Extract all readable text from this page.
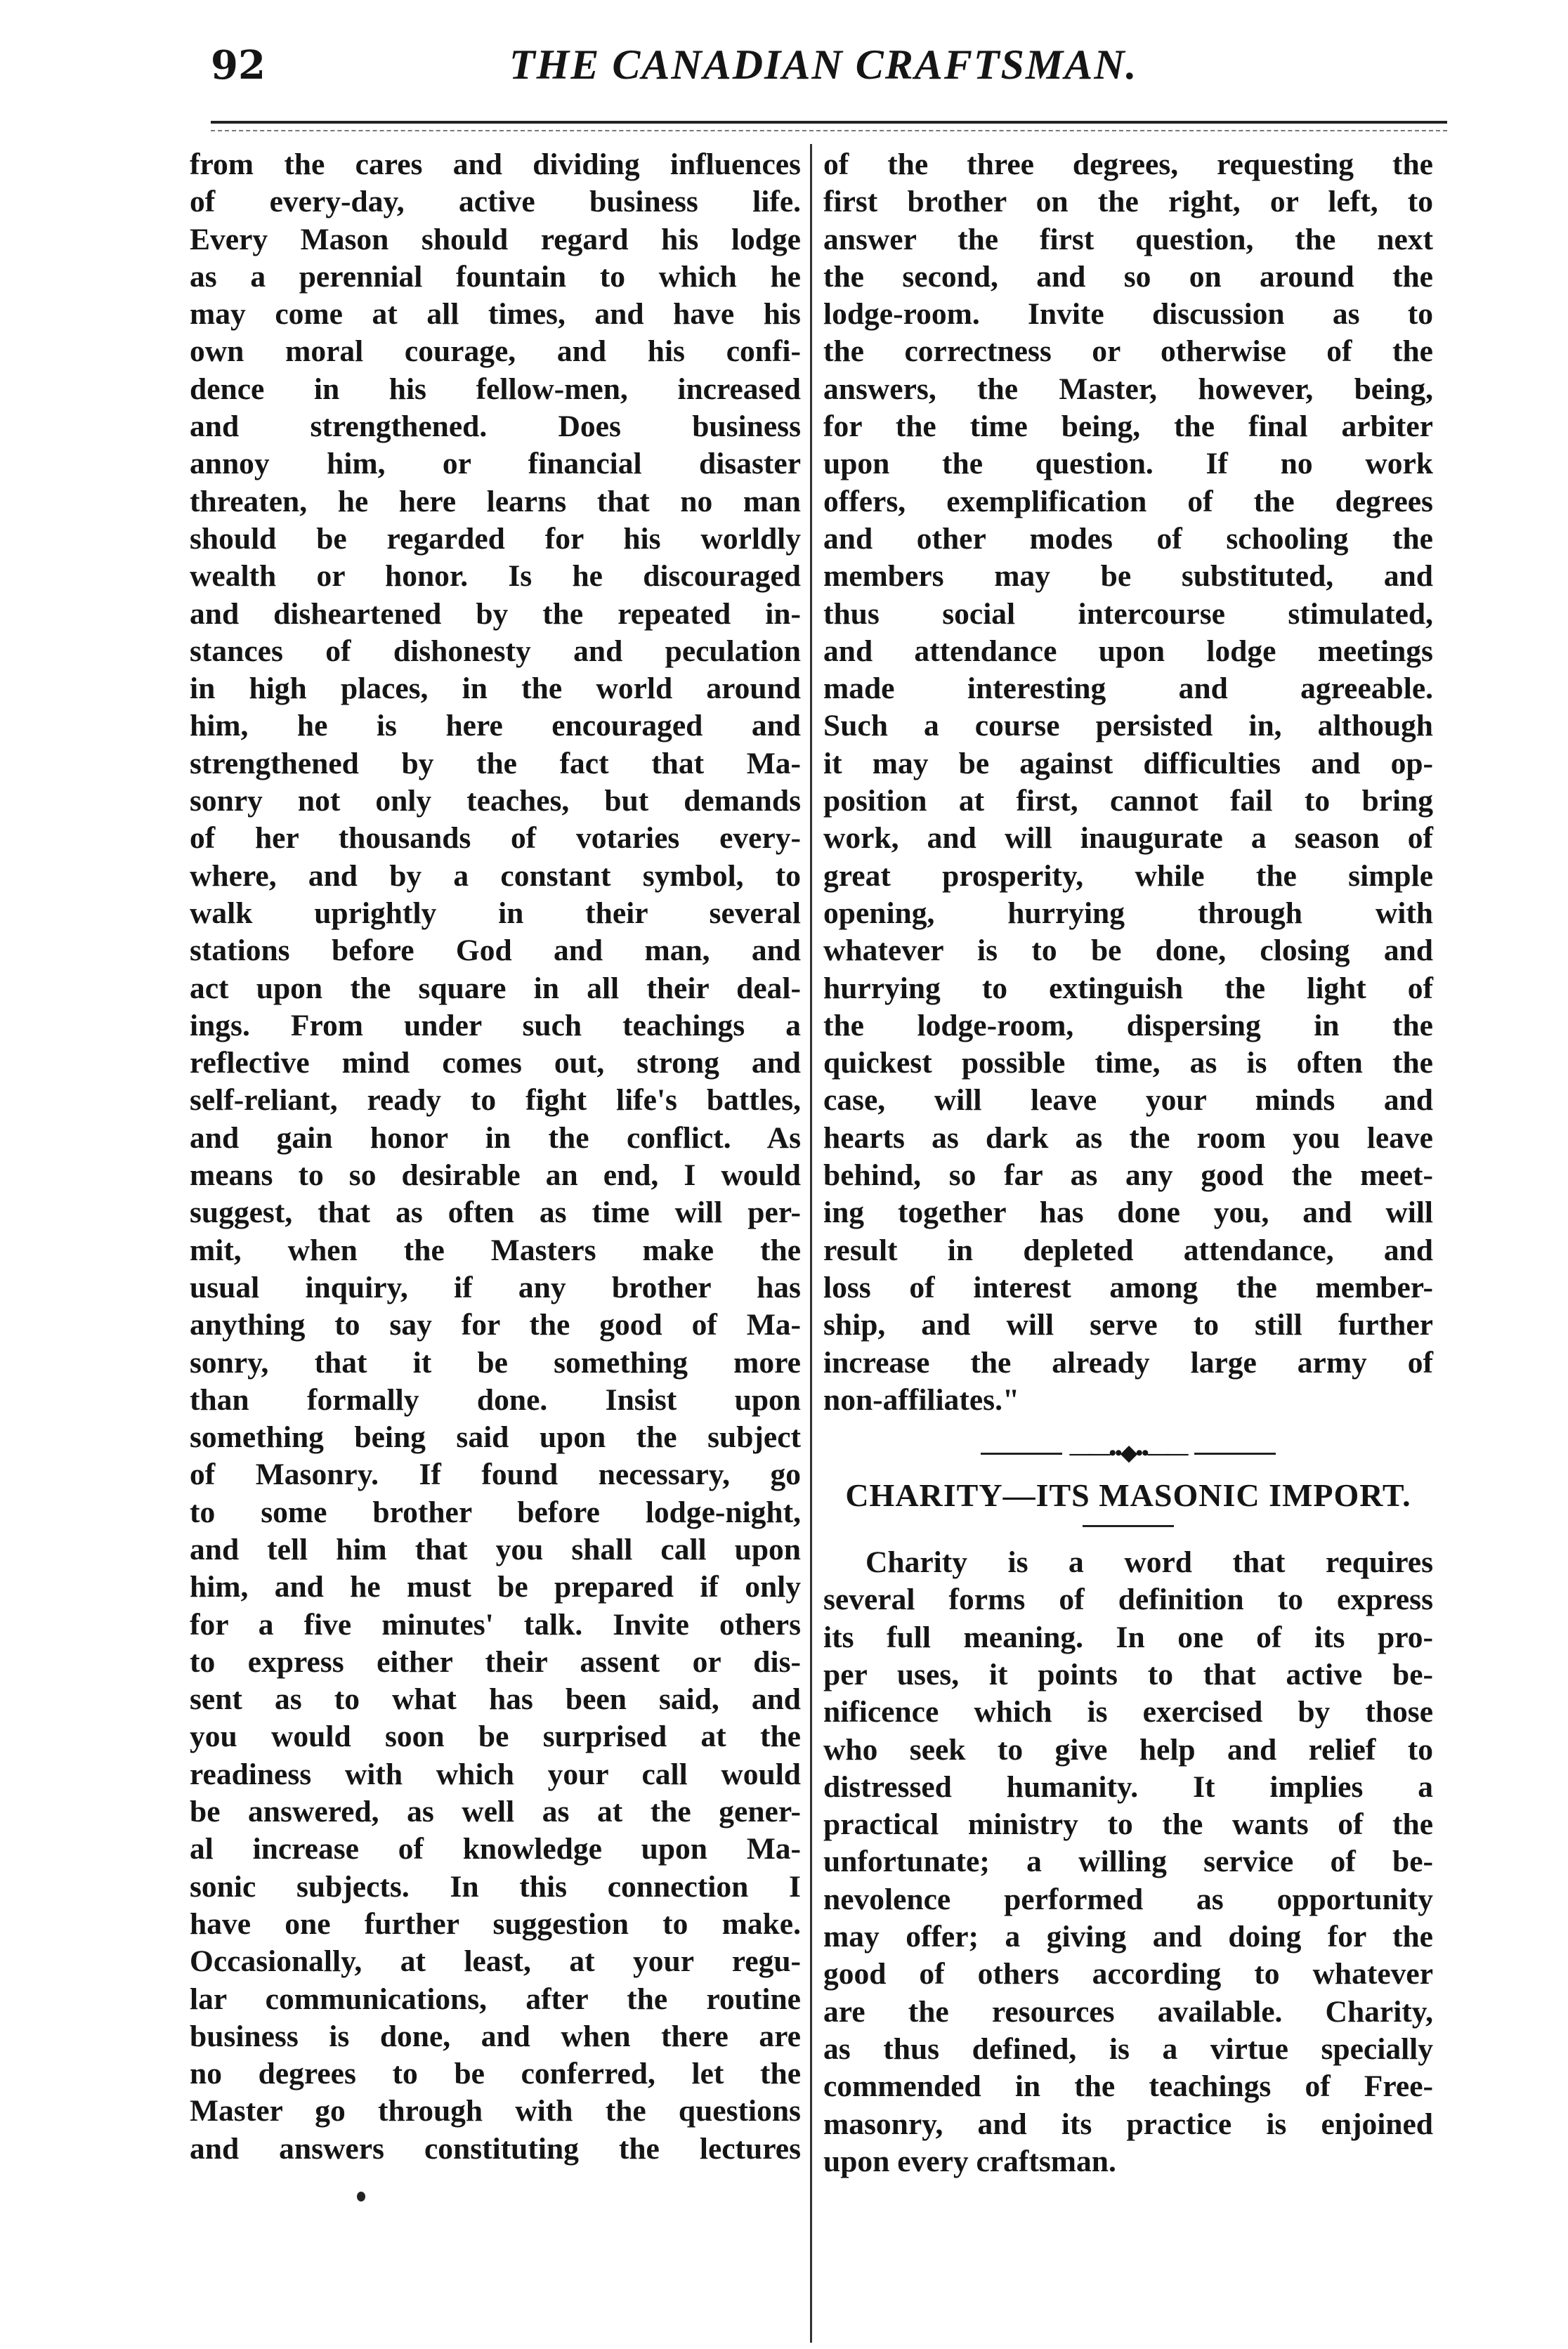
92	THE CANADIAN CRAFTSMAN.

from the cares and dividing influences
of every-day, active business life.
Every Mason should regard his lodge
as a perennial fountain to which he
may come at all times, and have his
own moral courage, and his confi-
dence in his fellow-men, increased
and strengthened. Does business
annoy him, or financial disaster
threaten, he here learns that no man
should be regarded for his worldly
wealth or honor. Is he discouraged
and disheartened by the repeated in-
stances of dishonesty and peculation
in high places, in the world around
him, he is here encouraged and
strengthened by the fact that Ma-
sonry not only teaches, but demands
of her thousands of votaries every-
where, and by a constant symbol, to
walk uprightly in their several
stations before God and man, and
act upon the square in all their deal-
ings. From under such teachings a
reflective mind comes out, strong and
self-reliant, ready to fight life's battles,
and gain honor in the conflict. As
means to so desirable an end, I would
suggest, that as often as time will per-
mit, when the Masters make the
usual inquiry, if any brother has
anything to say for the good of Ma-
sonry, that it be something more
than formally done. Insist upon
something being said upon the subject
of Masonry. If found necessary, go
to some brother before lodge-night,
and tell him that you shall call upon
him, and he must be prepared if only
for a five minutes' talk. Invite others
to express either their assent or dis-
sent as to what has been said, and
you would soon be surprised at the
readiness with which your call would
be answered, as well as at the gener-
al increase of knowledge upon Ma-
sonic subjects. In this connection I
have one further suggestion to make.
Occasionally, at least, at your regu-
lar communications, after the routine
business is done, and when there are
no degrees to be conferred, let the
Master go through with the questions
and answers constituting the lectures

of the three degrees, requesting the
first brother on the right, or left, to
answer the first question, the next
the second, and so on around the
lodge-room. Invite discussion as to
the correctness or otherwise of the
answers, the Master, however, being,
for the time being, the final arbiter
upon the question. If no work
offers, exemplification of the degrees
and other modes of schooling the
members may be substituted, and
thus social intercourse stimulated,
and attendance upon lodge meetings
made interesting and agreeable.
Such a course persisted in, although
it may be against difficulties and op-
position at first, cannot fail to bring
work, and will inaugurate a season of
great prosperity, while the simple
opening, hurrying through with
whatever is to be done, closing and
hurrying to extinguish the light of
the lodge-room, dispersing in the
quickest possible time, as is often the
case, will leave your minds and
hearts as dark as the room you leave
behind, so far as any good the meet-
ing together has done you, and will
result in depleted attendance, and
loss of interest among the member-
ship, and will serve to still further
increase the already large army of
non-affiliates."

——••◆••——
CHARITY—ITS MASONIC IMPORT.

Charity is a word that requires
several forms of definition to express
its full meaning. In one of its pro-
per uses, it points to that active be-
nificence which is exercised by those
who seek to give help and relief to
distressed humanity. It implies a
practical ministry to the wants of the
unfortunate; a willing service of be-
nevolence performed as opportunity
may offer; a giving and doing for the
good of others according to whatever
are the resources available. Charity,
as thus defined, is a virtue specially
commended in the teachings of Free-
masonry, and its practice is enjoined
upon every craftsman.
